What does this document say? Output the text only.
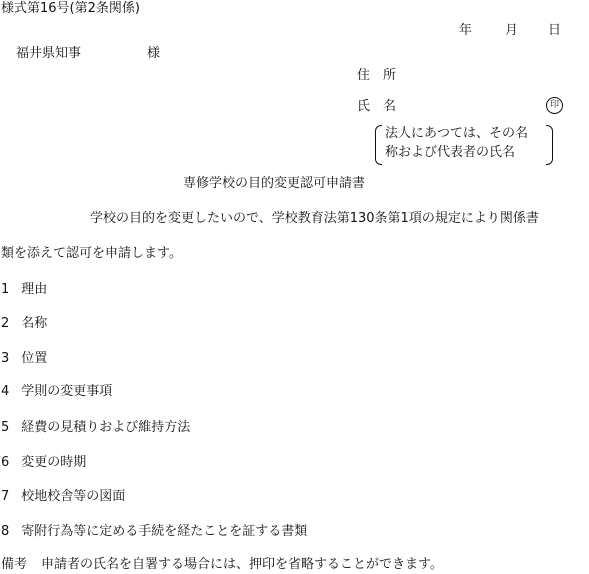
様式第16号(第2条関係)
年	月 日
福井県知事	様
住　所
氏　名	印
法人にあつては、その名
称および代表者の氏名
専修学校の目的変更認可申請書
学校の目的を変更したいので、学校教育法第130条第1項の規定により関係書
類を添えて認可を申請します。
1 理由
2 名称
3 位置
4 学則の変更事項
5 経費の見積りおよび維持方法
6 変更の時期
7 校地校舎等の図面
8 寄附行為等に定める手続を経たことを証する書類
備考 申請者の氏名を自署する場合には、押印を省略することができます。
